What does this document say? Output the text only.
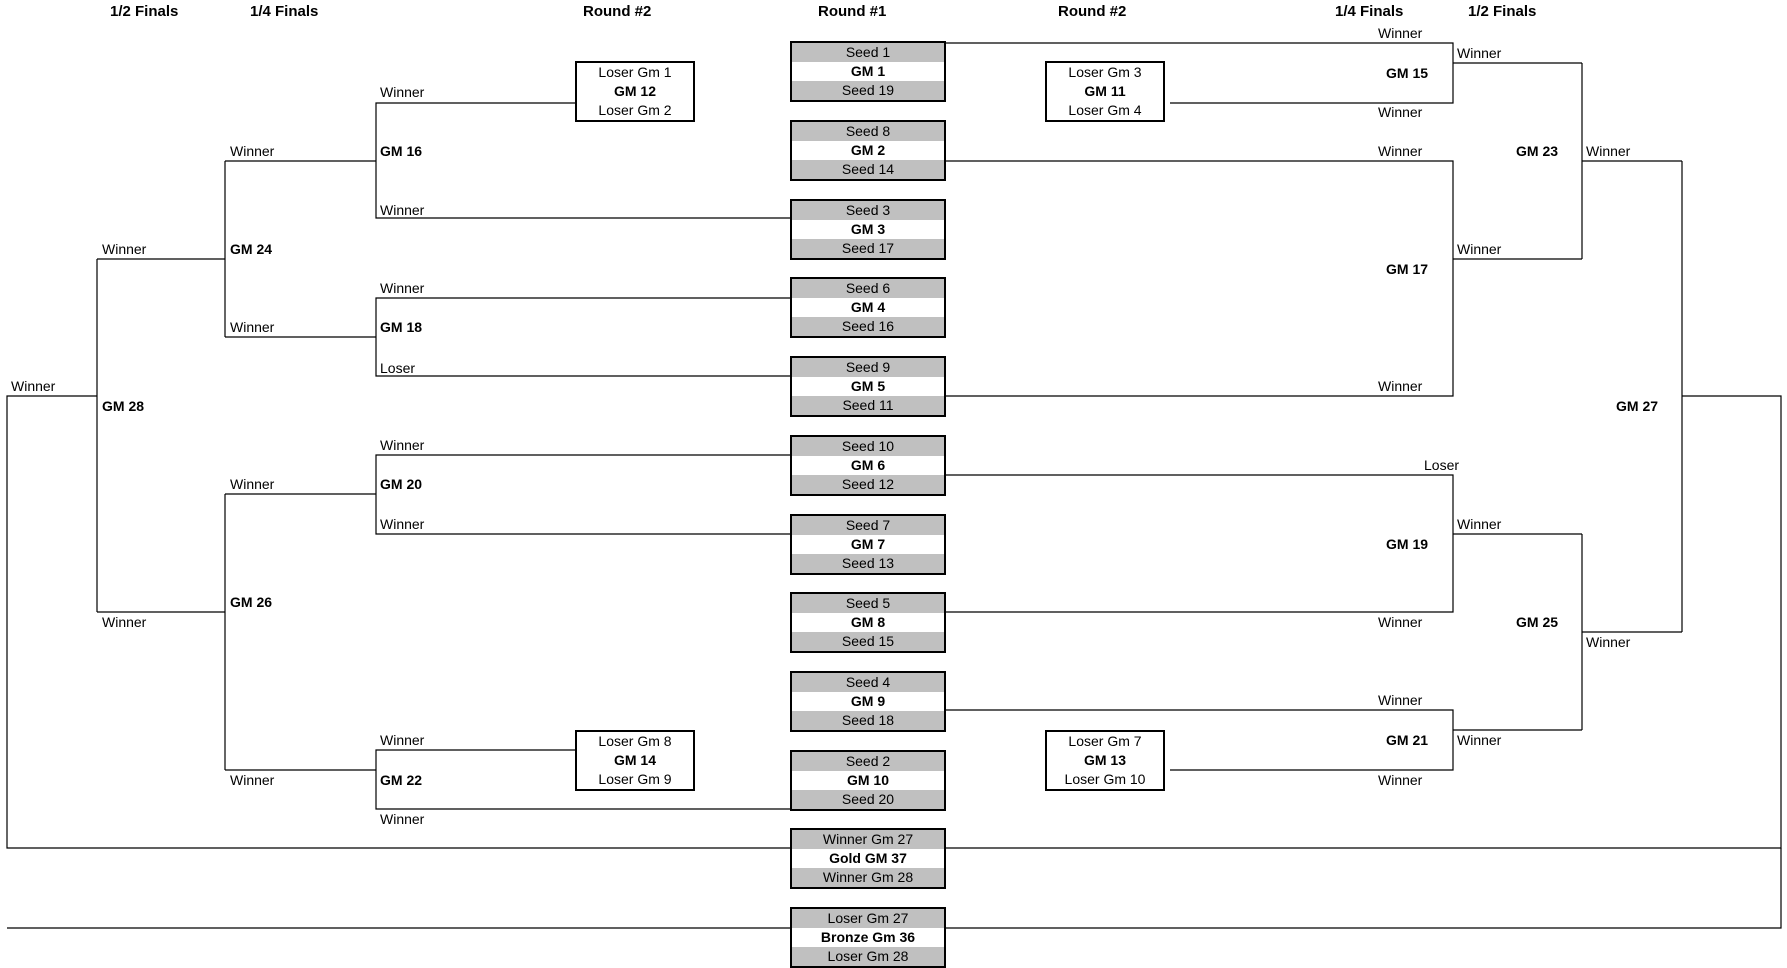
1/2 Finals	1/4 Finals	Round #2	Round #1	Round #2	1/4 Finals	1/2 Finals
Seed 1
GM 1
Seed 19
Seed 8
GM 2
Seed 14
Seed 3
GM 3
Seed 17
Seed 6
GM 4
Seed 16
Seed 9
GM 5
Seed 11
Seed 10
GM 6
Seed 12
Seed 7
GM 7
Seed 13
Seed 5
GM 8
Seed 15
Seed 4
GM 9
Seed 18
Seed 2
GM 10
Seed 20
Winner Gm 27
Gold GM 37
Winner Gm 28
Loser Gm 27
Bronze Gm 36
Loser Gm 28
Loser Gm 1
GM 12
Loser Gm 2
Loser Gm 8
GM 14
Loser Gm 9
Loser Gm 3
GM 11
Loser Gm 4
Loser Gm 7
GM 13
Loser Gm 10
GM 16
GM 18
GM 20
GM 22
GM 24
GM 26
GM 28
GM 15
GM 17
GM 19
GM 21
GM 23
GM 25
GM 27
Winner
Winner
Winner
Loser
Winner
Winner
Winner
Winner
Winner
Winner
Winner
Winner
Winner
Winner
Winner
Winner
Winner
Winner
Winner
Loser
Winner
Winner
Winner
Winner
Winner
Winner
Winner
Winner
Winner
